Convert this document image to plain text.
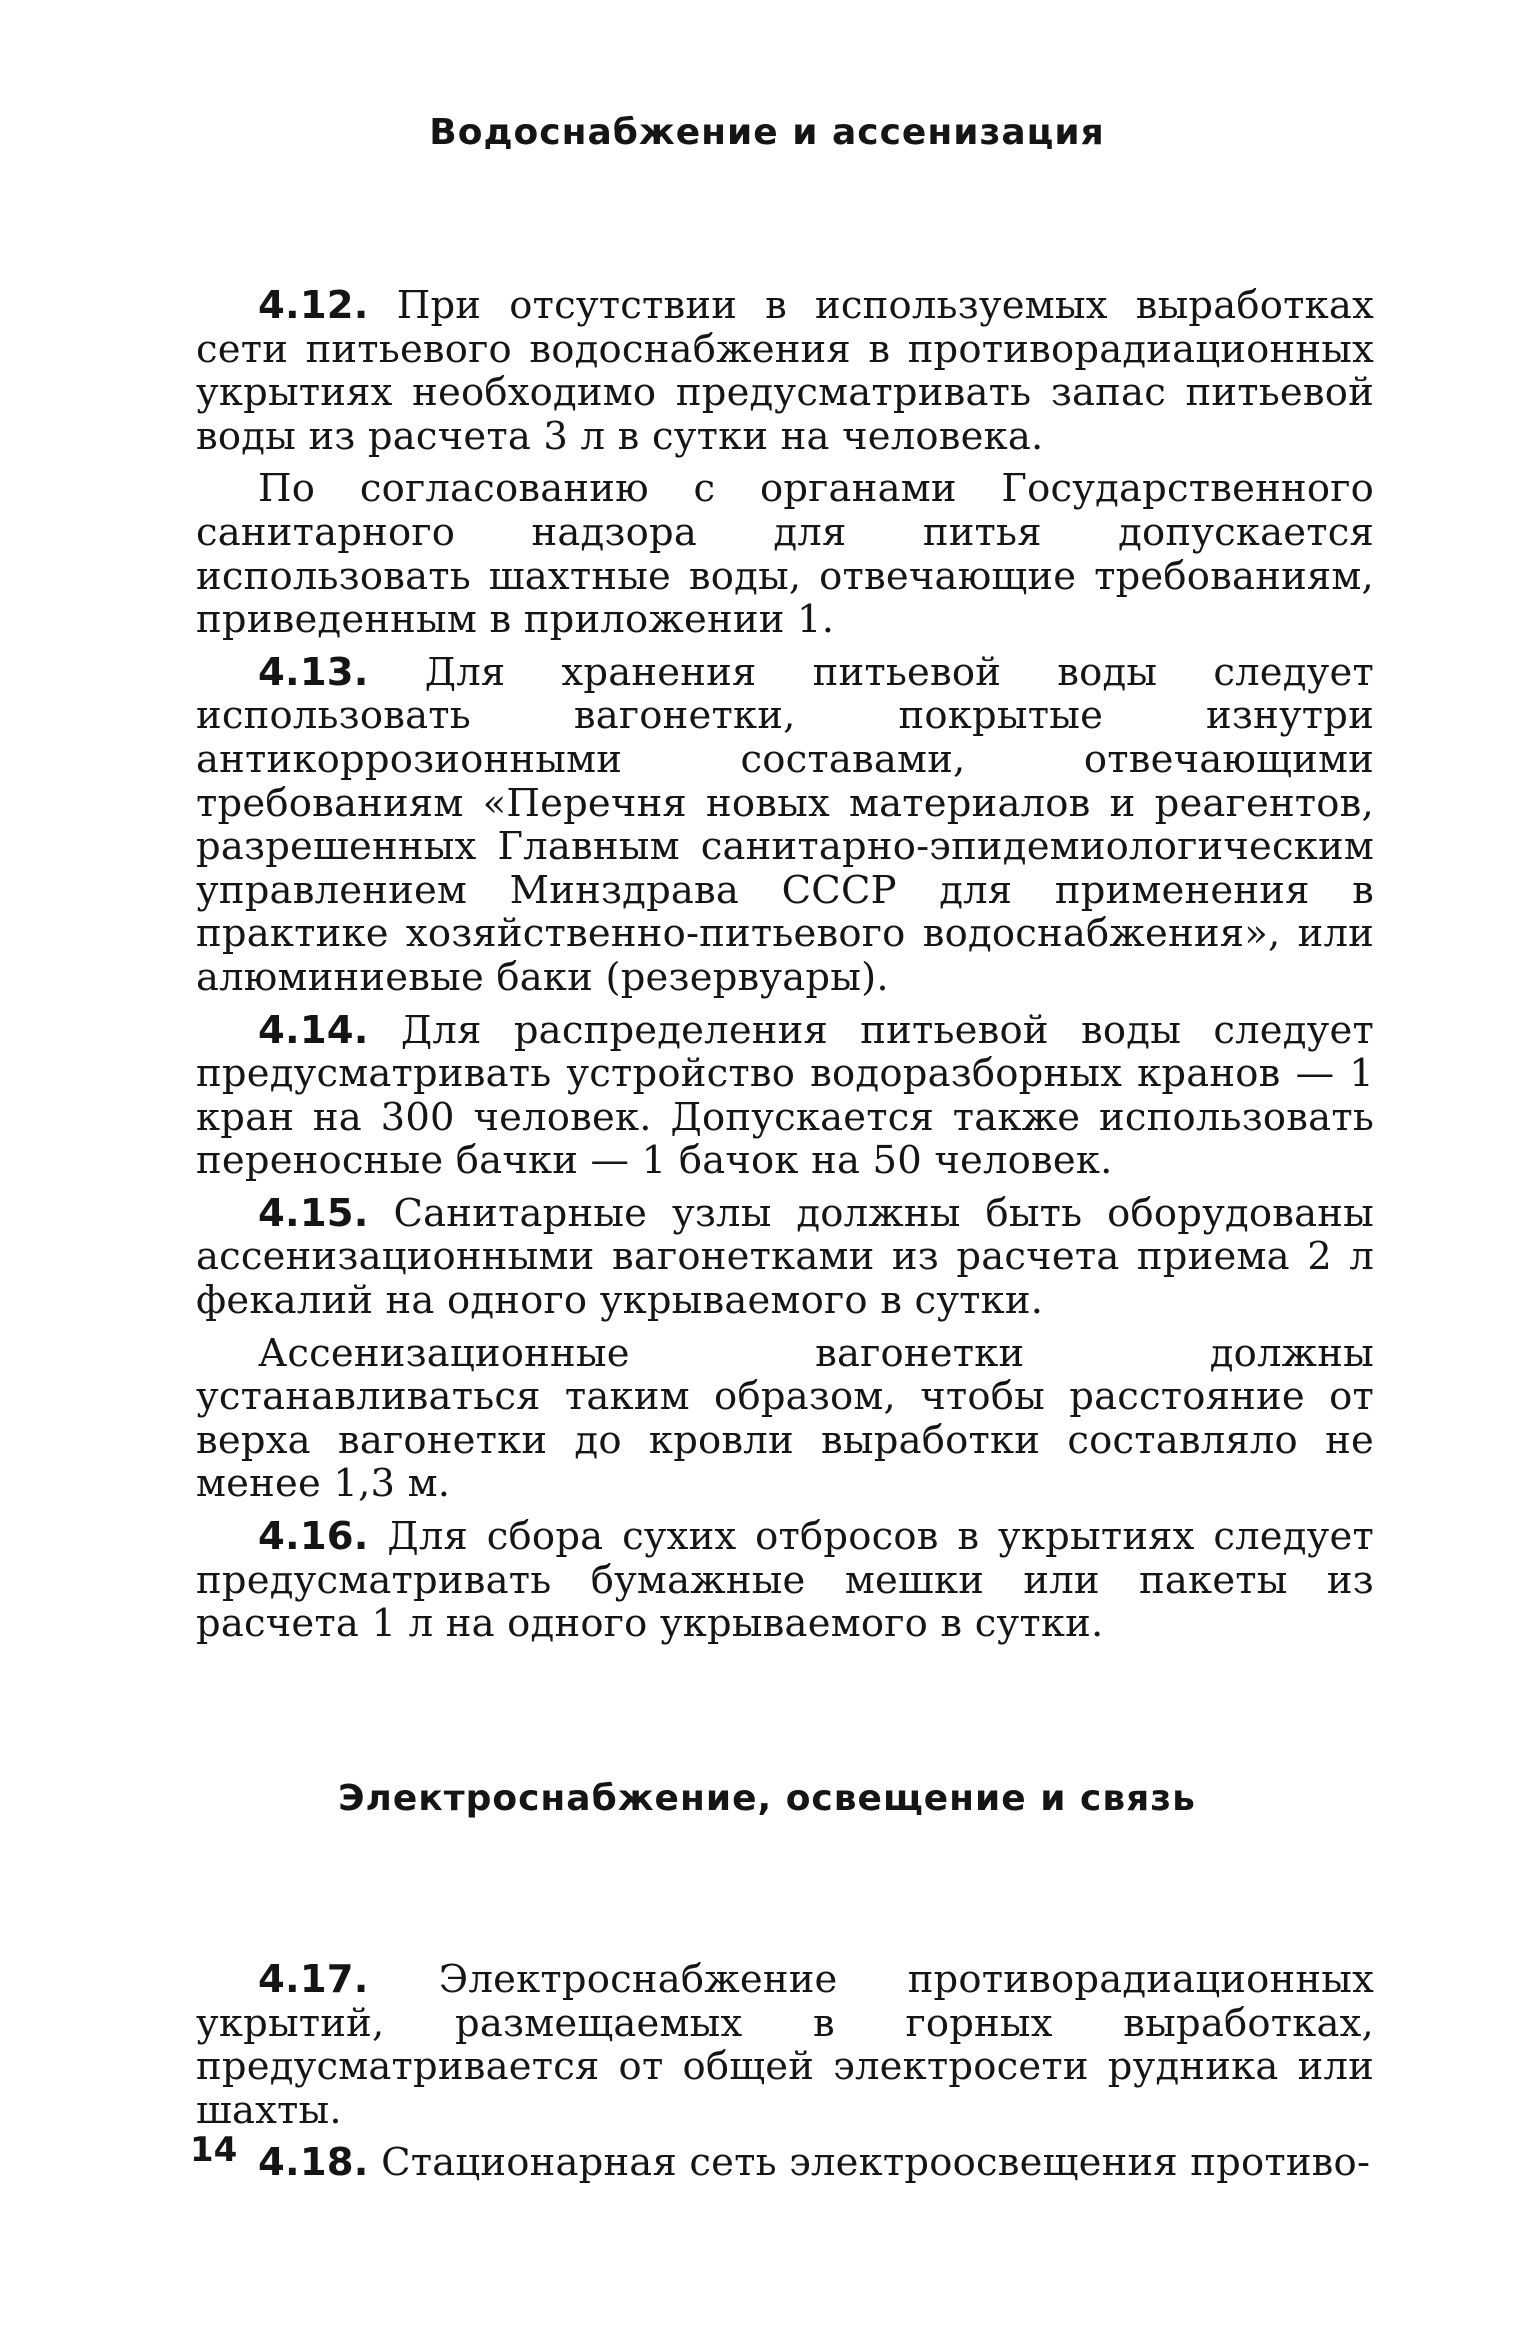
Водоснабжение и ассенизация

4.12. При отсутствии в используемых выработках сети питьевого водоснабжения в противорадиационных укрытиях необходимо предусматривать запас питьевой воды из расчета 3 л в сутки на человека.

По согласованию с органами Государственного санитарного надзора для питья допускается использовать шахтные воды, отвечающие требованиям, приведенным в приложении 1.

4.13. Для хранения питьевой воды следует использовать вагонетки, покрытые изнутри антикоррозионными составами, отвечающими требованиям «Перечня новых материалов и реагентов, разрешенных Главным санитарно-эпидемиологическим управлением Минздрава СССР для применения в практике хозяйственно-питьевого водоснабжения», или алюминиевые баки (резервуары).

4.14. Для распределения питьевой воды следует предусматривать устройство водоразборных кранов — 1 кран на 300 человек. Допускается также использовать переносные бачки — 1 бачок на 50 человек.

4.15. Санитарные узлы должны быть оборудованы ассенизационными вагонетками из расчета приема 2 л фекалий на одного укрываемого в сутки.

Ассенизационные вагонетки должны устанавливаться таким образом, чтобы расстояние от верха вагонетки до кровли выработки составляло не менее 1,3 м.

4.16. Для сбора сухих отбросов в укрытиях следует предусматривать бумажные мешки или пакеты из расчета 1 л на одного укрываемого в сутки.

Электроснабжение, освещение и связь

4.17. Электроснабжение противорадиационных укрытий, размещаемых в горных выработках, предусматривается от общей электросети рудника или шахты.

4.18. Стационарная сеть электроосвещения противо-

14
